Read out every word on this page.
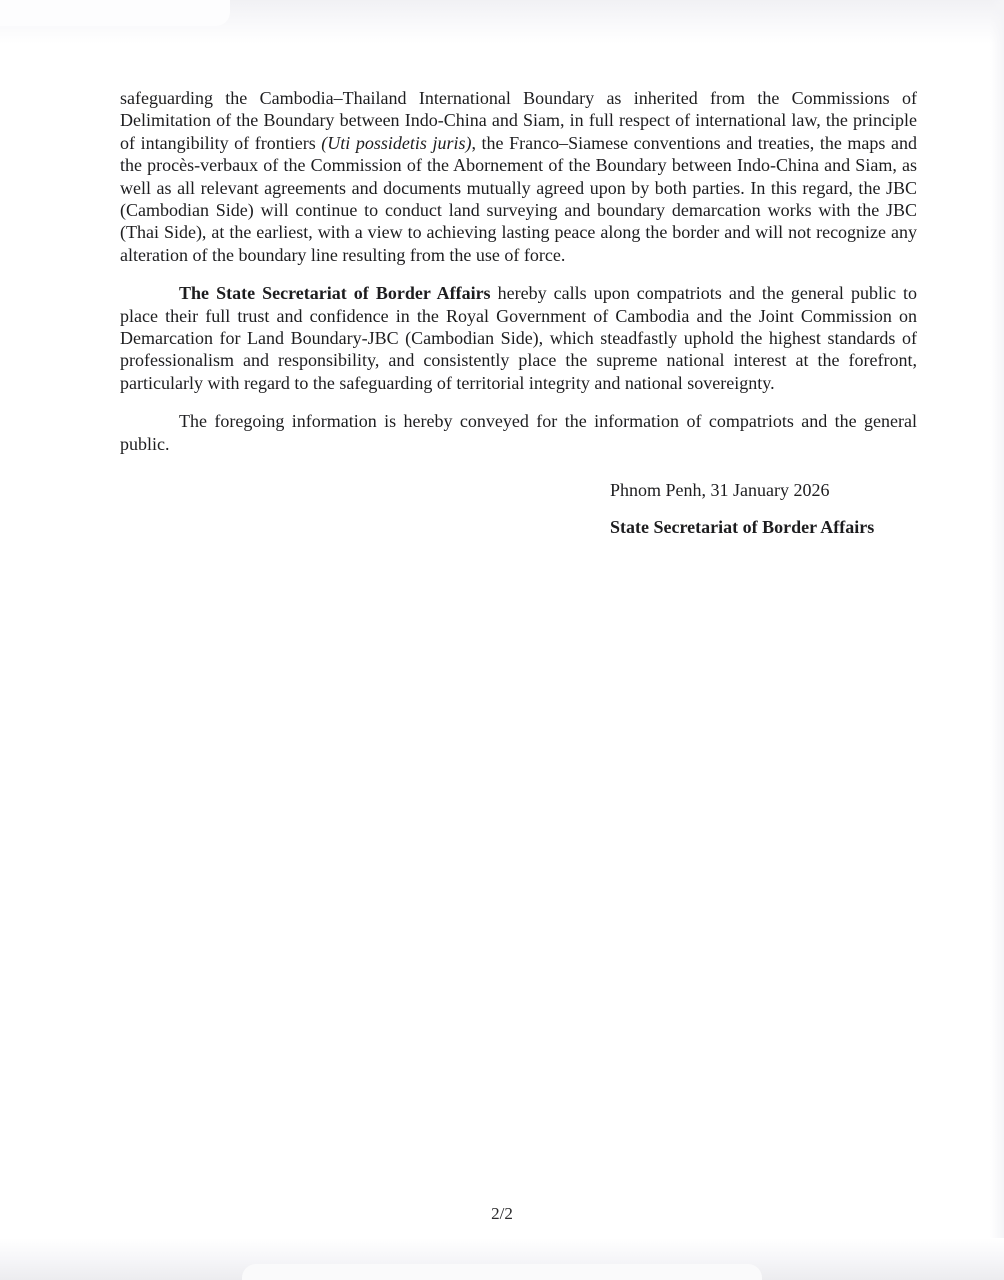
safeguarding the Cambodia–Thailand International Boundary as inherited from the Commissions of Delimitation of the Boundary between Indo-China and Siam, in full respect of international law, the principle of intangibility of frontiers (Uti possidetis juris), the Franco–Siamese conventions and treaties, the maps and the procès-verbaux of the Commission of the Abornement of the Boundary between Indo-China and Siam, as well as all relevant agreements and documents mutually agreed upon by both parties. In this regard, the JBC (Cambodian Side) will continue to conduct land surveying and boundary demarcation works with the JBC (Thai Side), at the earliest, with a view to achieving lasting peace along the border and will not recognize any alteration of the boundary line resulting from the use of force.

The State Secretariat of Border Affairs hereby calls upon compatriots and the general public to place their full trust and confidence in the Royal Government of Cambodia and the Joint Commission on Demarcation for Land Boundary-JBC (Cambodian Side), which steadfastly uphold the highest standards of professionalism and responsibility, and consistently place the supreme national interest at the forefront, particularly with regard to the safeguarding of territorial integrity and national sovereignty.

The foregoing information is hereby conveyed for the information of compatriots and the general public.

Phnom Penh, 31 January 2026
State Secretariat of Border Affairs
2/2
